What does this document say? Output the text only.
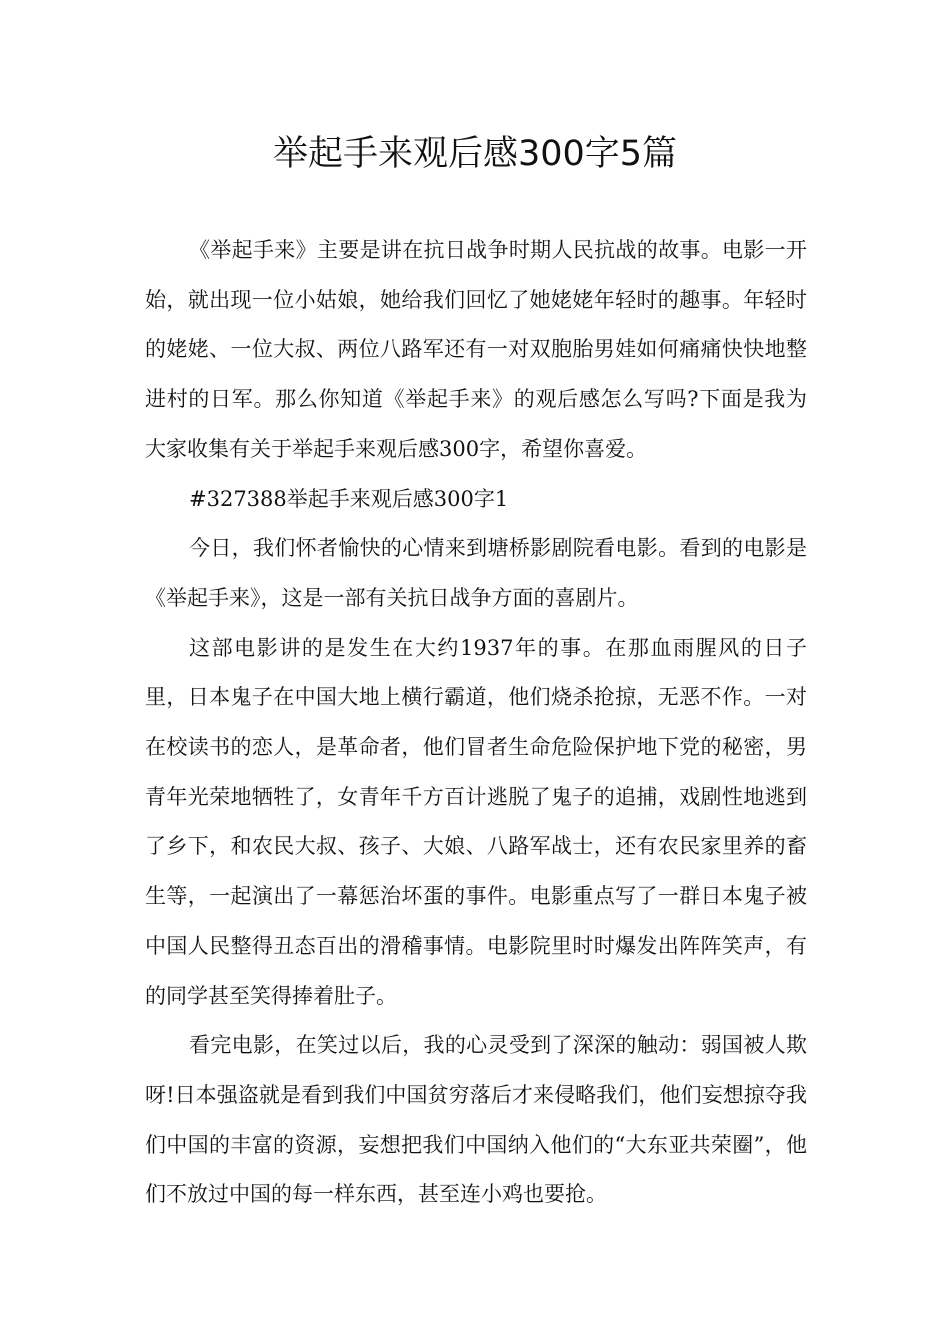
举起手来观后感300字5篇

《举起手来》主要是讲在抗日战争时期人民抗战的故事。电影一开始，就出现一位小姑娘，她给我们回忆了她姥姥年轻时的趣事。年轻时的姥姥、一位大叔、两位八路军还有一对双胞胎男娃如何痛痛快快地整进村的日军。那么你知道《举起手来》的观后感怎么写吗?下面是我为大家收集有关于举起手来观后感300字，希望你喜爱。

#327388举起手来观后感300字1

今日，我们怀者愉快的心情来到塘桥影剧院看电影。看到的电影是《举起手来》，这是一部有关抗日战争方面的喜剧片。

这部电影讲的是发生在大约1937年的事。在那血雨腥风的日子里，日本鬼子在中国大地上横行霸道，他们烧杀抢掠，无恶不作。一对在校读书的恋人，是革命者，他们冒者生命危险保护地下党的秘密，男青年光荣地牺牲了，女青年千方百计逃脱了鬼子的追捕，戏剧性地逃到了乡下，和农民大叔、孩子、大娘、八路军战士，还有农民家里养的畜生等，一起演出了一幕惩治坏蛋的事件。电影重点写了一群日本鬼子被中国人民整得丑态百出的滑稽事情。电影院里时时爆发出阵阵笑声，有的同学甚至笑得捧着肚子。

看完电影，在笑过以后，我的心灵受到了深深的触动：弱国被人欺呀!日本强盗就是看到我们中国贫穷落后才来侵略我们，他们妄想掠夺我们中国的丰富的资源，妄想把我们中国纳入他们的“大东亚共荣圈”，他们不放过中国的每一样东西，甚至连小鸡也要抢。
